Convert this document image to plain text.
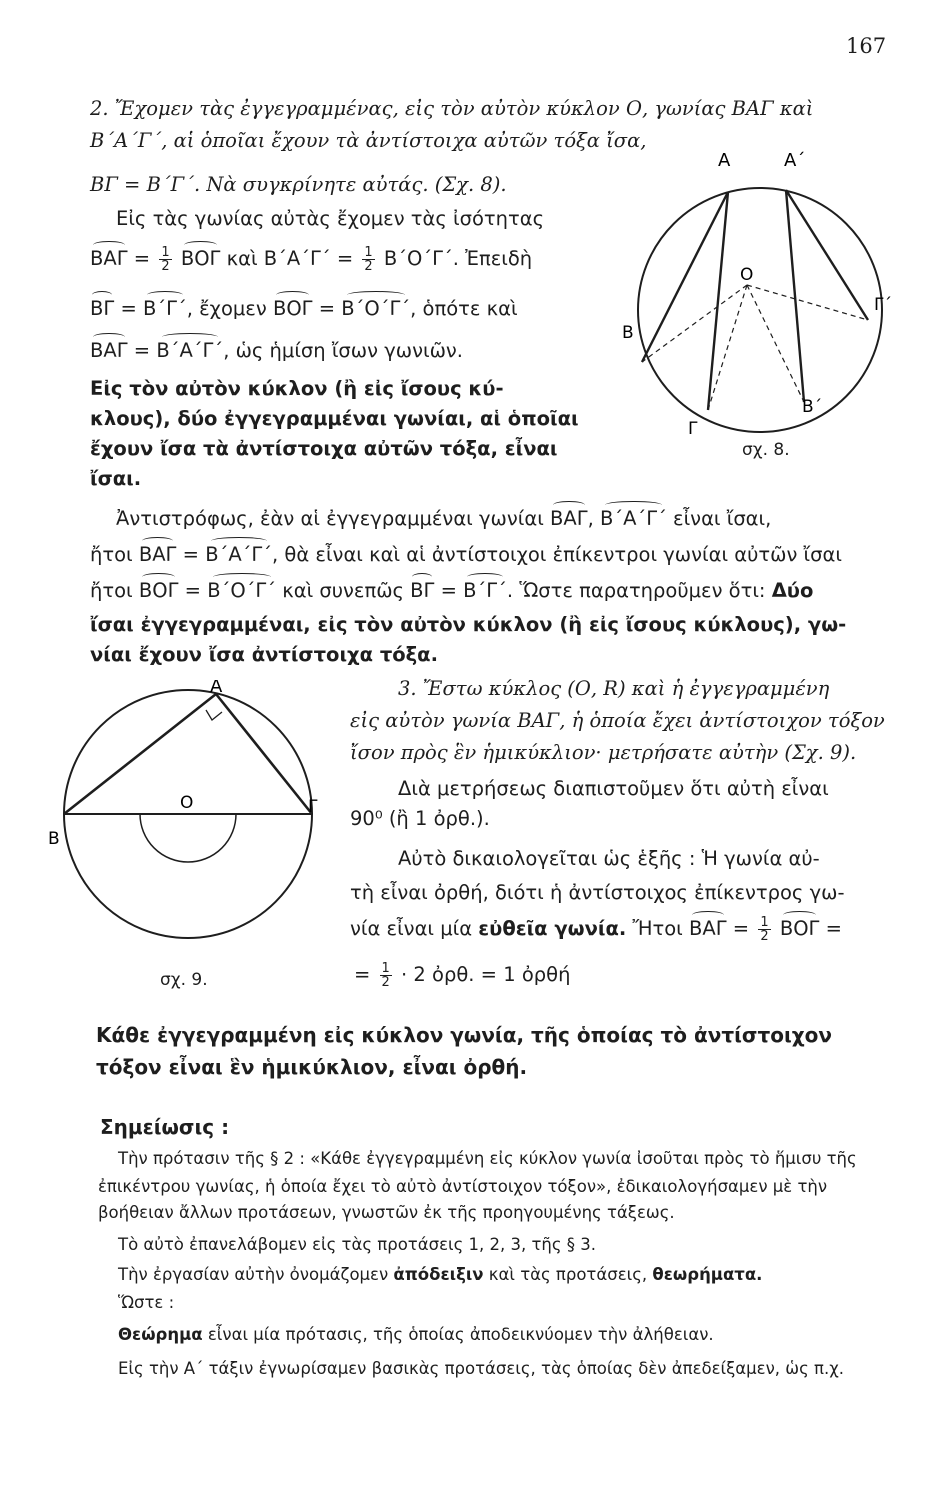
167
2. Ἔχομεν τὰς ἐγγεγραμμένας, εἰς τὸν αὐτὸν κύκλον Ο, γωνίας ΒΑΓ καὶ
Β΄Α΄Γ΄, αἱ ὁποῖαι ἔχουν τὰ ἀντίστοιχα αὐτῶν τόξα ἴσα,
ΒΓ = Β΄Γ΄. Νὰ συγκρίνητε αὐτάς. (Σχ. 8).
Εἰς τὰς γωνίας αὐτὰς ἔχομεν τὰς ἰσότητας
$BA\Gamma = \frac{1}{2}$ ΒΟΓ καὶ $B΄A΄\Gamma΄ = \frac{1}{2} B΄O΄\Gamma΄$. Ἐπειδὴ
ΒΓ = Β΄Γ΄, ἔχομεν ΒΟΓ = Β΄Ο΄Γ΄, ὁπότε καὶ
ΒΑΓ = Β΄Α΄Γ΄, ὡς ἡμίση ἴσων γωνιῶν.
Εἰς τὸν αὐτὸν κύκλον (ἢ εἰς ἴσους κύ-
κλους), δύο ἐγγεγραμμέναι γωνίαι, αἱ ὁποῖαι
ἔχουν ἴσα τὰ ἀντίστοιχα αὐτῶν τόξα, εἶναι
ἴσαι.
Α	Α΄
Ο
Β
Γ΄
Γ
Β΄
σχ. 8.
Ἀντιστρόφως, ἐὰν αἱ ἐγγεγραμμέναι γωνίαι ΒΑΓ, Β΄Α΄Γ΄ εἶναι ἴσαι,
ἤτοι ΒΑΓ = Β΄Α΄Γ΄, θὰ εἶναι καὶ αἱ ἀντίστοιχοι ἐπίκεντροι γωνίαι αὐτῶν ἴσαι
ἤτοι ΒΟΓ = Β΄Ο΄Γ΄ καὶ συνεπῶς ΒΓ = Β΄Γ΄. Ὥστε παρατηροῦμεν ὅτι: Δύο
ἴσαι ἐγγεγραμμέναι, εἰς τὸν αὐτὸν κύκλον (ἢ εἰς ἴσους κύκλους), γω-
νίαι ἔχουν ἴσα ἀντίστοιχα τόξα.
Α
Ο
Β
Γ
σχ. 9.
3. Ἔστω κύκλος (Ο, R) καὶ ἡ ἐγγεγραμμένη
εἰς αὐτὸν γωνία ΒΑΓ, ἡ ὁποία ἔχει ἀντίστοιχον τόξον
ἴσον πρὸς ἓν ἡμικύκλιον· μετρήσατε αὐτὴν (Σχ. 9).
Διὰ μετρήσεως διαπιστοῦμεν ὅτι αὐτὴ εἶναι
90⁰ (ἢ 1 ὀρθ.).
Αὐτὸ δικαιολογεῖται ὡς ἑξῆς : Ἡ γωνία αὐ-
τὴ εἶναι ὀρθή, διότι ἡ ἀντίστοιχος ἐπίκεντρος γω-
νία εἶναι μία εὐθεῖα γωνία. Ἤτοι $BA\Gamma = \frac{1}{2}$ ΒΟΓ =
= $\frac{1}{2} \cdot 2$ ὀρθ. = 1 ὀρθή
Κάθε ἐγγεγραμμένη εἰς κύκλον γωνία, τῆς ὁποίας τὸ ἀντίστοιχον
τόξον εἶναι ἓν ἡμικύκλιον, εἶναι ὀρθή.
Σημείωσις :
Τὴν πρότασιν τῆς § 2 : «Κάθε ἐγγεγραμμένη εἰς κύκλον γωνία ἰσοῦται πρὸς τὸ ἥμισυ τῆς
ἐπικέντρου γωνίας, ἡ ὁποία ἔχει τὸ αὐτὸ ἀντίστοιχον τόξον», ἐδικαιολογήσαμεν μὲ τὴν
βοήθειαν ἄλλων προτάσεων, γνωστῶν ἐκ τῆς προηγουμένης τάξεως.
Τὸ αὐτὸ ἐπανελάβομεν εἰς τὰς προτάσεις 1, 2, 3, τῆς § 3.
Τὴν ἐργασίαν αὐτὴν ὀνομάζομεν ἀπόδειξιν καὶ τὰς προτάσεις, θεωρήματα.
Ὥστε :
Θεώρημα εἶναι μία πρότασις, τῆς ὁποίας ἀποδεικνύομεν τὴν ἀλήθειαν.
Εἰς τὴν Α΄ τάξιν ἐγνωρίσαμεν βασικὰς προτάσεις, τὰς ὁποίας δὲν ἀπεδείξαμεν, ὡς π.χ.
